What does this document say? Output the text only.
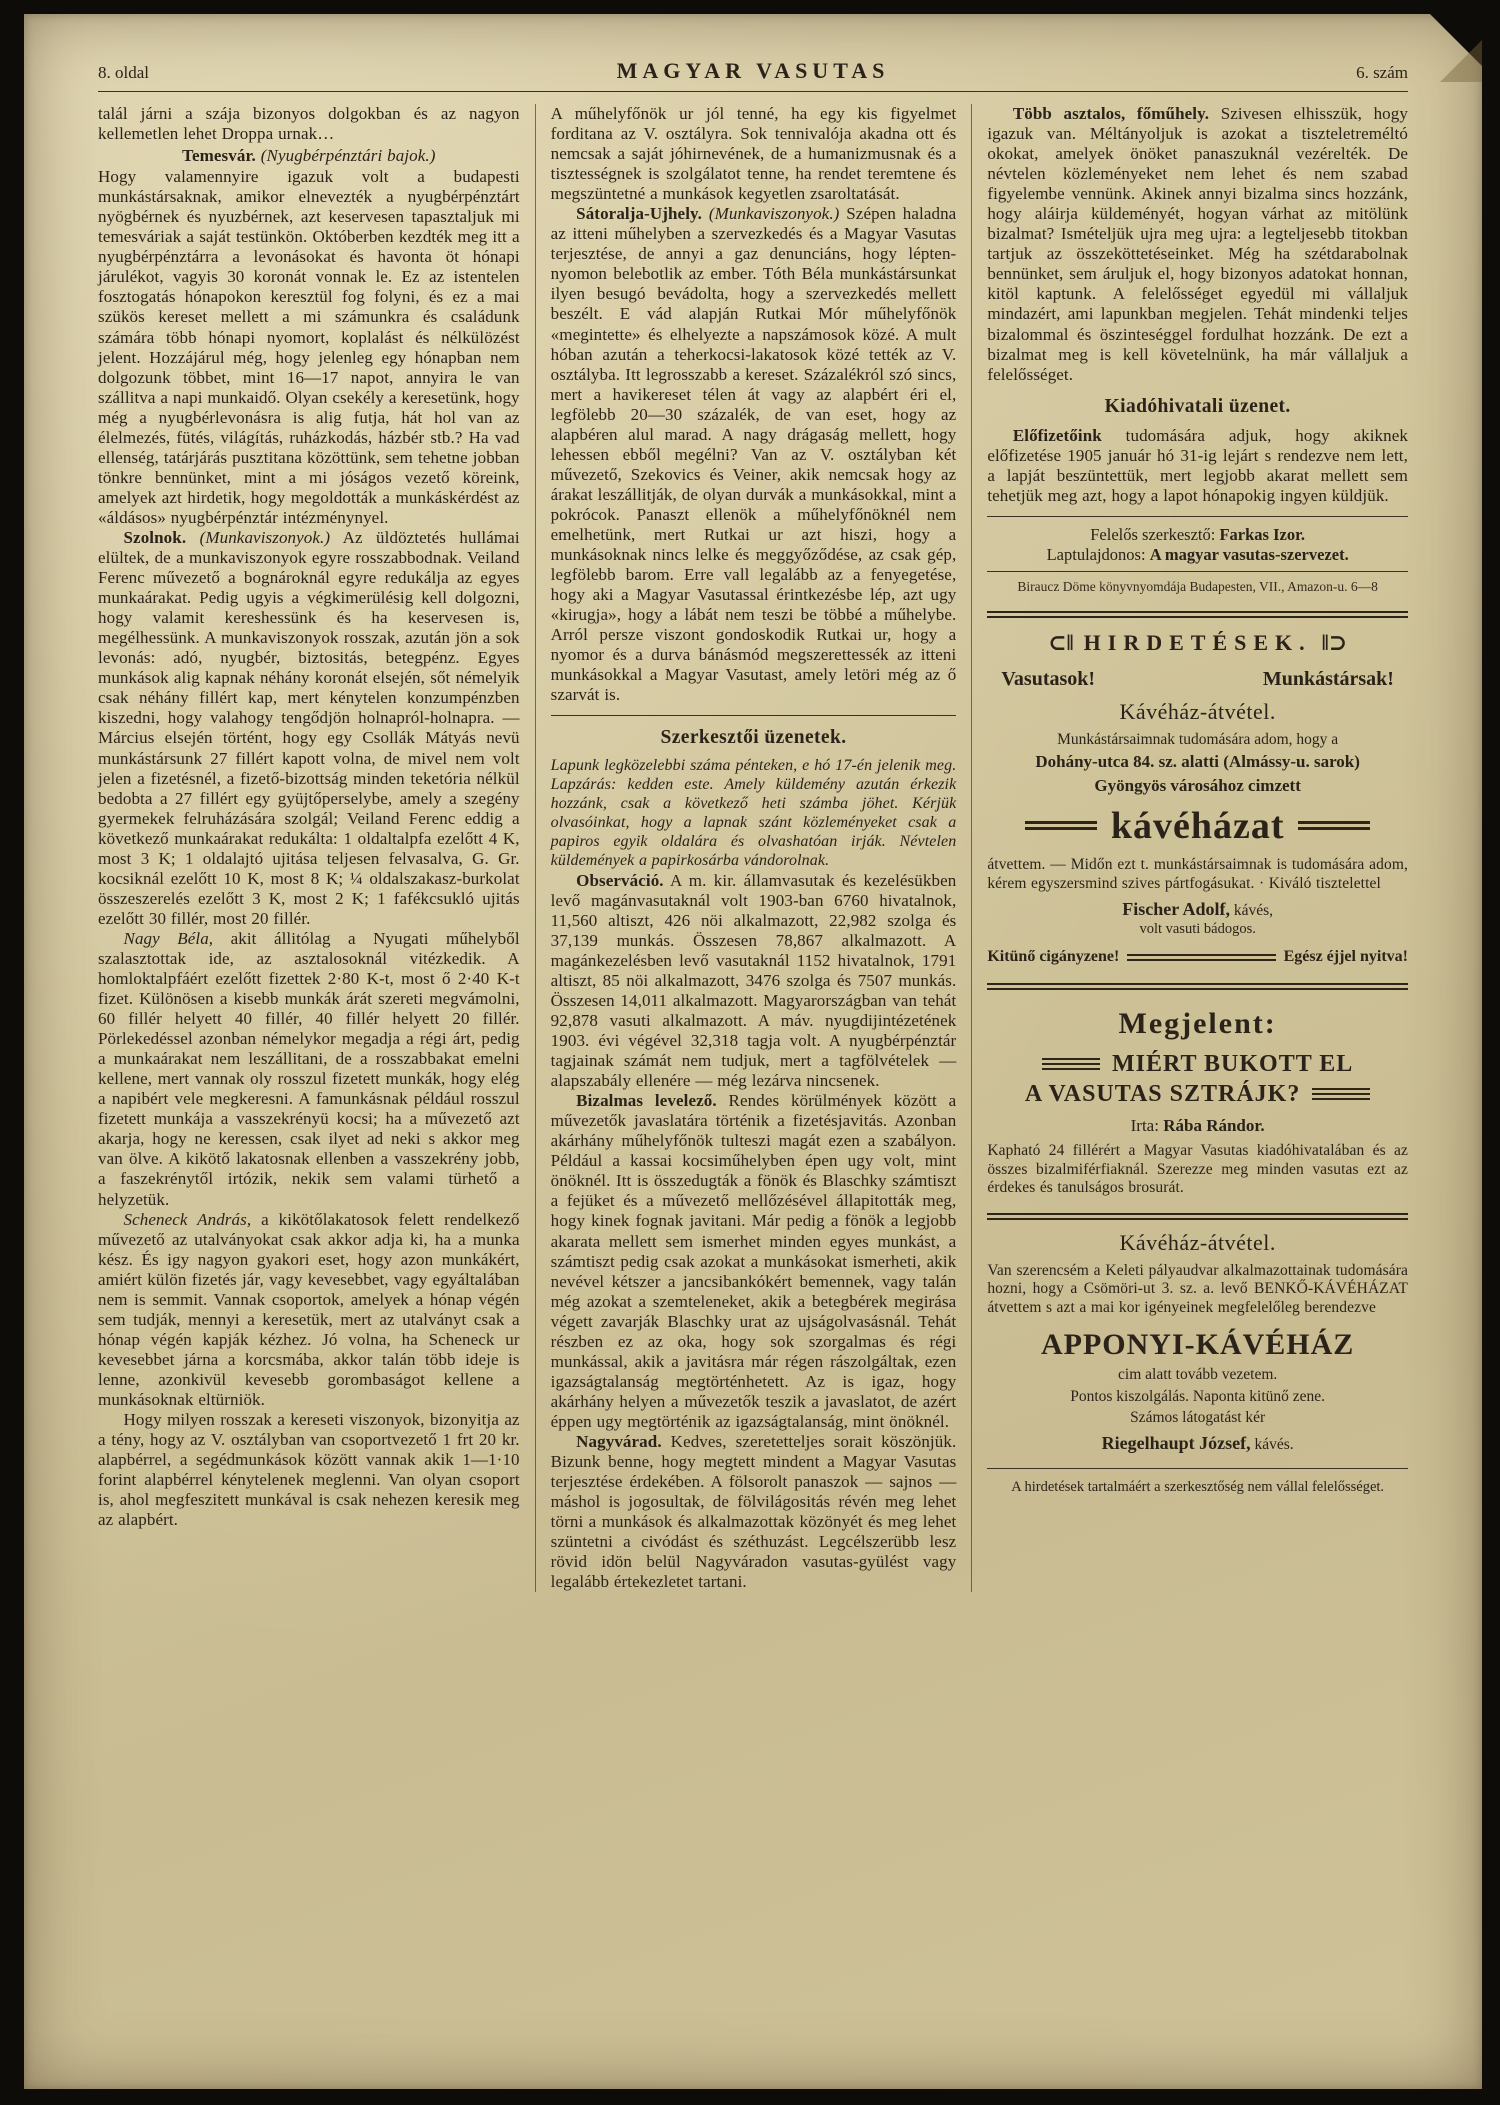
8. oldal	MAGYAR VASUTAS	6. szám

talál járni a szája bizonyos dolgokban és az nagyon kellemetlen lehet Droppa urnak…

Temesvár. (Nyugbérpénztári bajok.)

Hogy valamennyire igazuk volt a budapesti munkástársaknak, amikor elnevezték a nyugbérpénztárt nyögbérnek és nyuzbérnek, azt keservesen tapasztaljuk mi temesváriak a saját testünkön. Októberben kezdték meg itt a nyugbérpénztárra a levonásokat és havonta öt hónapi járulékot, vagyis 30 koronát vonnak le. Ez az istentelen fosztogatás hónapokon keresztül fog folyni, és ez a mai szükös kereset mellett a mi számunkra és családunk számára több hónapi nyomort, koplalást és nélkülözést jelent. Hozzájárul még, hogy jelenleg egy hónapban nem dolgozunk többet, mint 16—17 napot, annyira le van szállitva a napi munkaidő. Olyan csekély a keresetünk, hogy még a nyugbérlevonásra is alig futja, hát hol van az élelmezés, fütés, világítás, ruházkodás, házbér stb.? Ha vad ellenség, tatárjárás pusztitana közöttünk, sem tehetne jobban tönkre bennünket, mint a mi jóságos vezető köreink, amelyek azt hirdetik, hogy megoldották a munkáskérdést az «áldásos» nyugbérpénztár intézménynyel.

Szolnok. (Munkaviszonyok.) Az üldöztetés hullámai elültek, de a munkaviszonyok egyre rosszabbodnak. Veiland Ferenc művezető a bognároknál egyre redukálja az egyes munkaárakat. Pedig ugyis a végkimerülésig kell dolgozni, hogy valamit kereshessünk és ha keservesen is, megélhessünk. A munkaviszonyok rosszak, azután jön a sok levonás: adó, nyugbér, biztositás, betegpénz. Egyes munkások alig kapnak néhány koronát elsején, sőt némelyik csak néhány fillért kap, mert kénytelen konzumpénzben kiszedni, hogy valahogy tengődjön holnapról-holnapra. — Március elsején történt, hogy egy Csollák Mátyás nevü munkástársunk 27 fillért kapott volna, de mivel nem volt jelen a fizetésnél, a fizető-bizottság minden teketória nélkül bedobta a 27 fillért egy gyüjtőperselybe, amely a szegény gyermekek felruházására szolgál; Veiland Ferenc eddig a következő munkaárakat redukálta: 1 oldaltalpfa ezelőtt 4 K, most 3 K; 1 oldalajtó ujitása teljesen felvasalva, G. Gr. kocsiknál ezelőtt 10 K, most 8 K; ¼ oldalszakasz-burkolat összeszerelés ezelőtt 3 K, most 2 K; 1 fafékcsukló ujitás ezelőtt 30 fillér, most 20 fillér.

Nagy Béla, akit állitólag a Nyugati műhelyből szalasztottak ide, az asztalosoknál vitézkedik. A homloktalpfáért ezelőtt fizettek 2·80 K-t, most ő 2·40 K-t fizet. Különösen a kisebb munkák árát szereti megvámolni, 60 fillér helyett 40 fillér, 40 fillér helyett 20 fillér. Pörlekedéssel azonban némelykor megadja a régi árt, pedig a munkaárakat nem leszállitani, de a rosszabbakat emelni kellene, mert vannak oly rosszul fizetett munkák, hogy elég a napibért vele megkeresni. A famunkásnak például rosszul fizetett munkája a vasszekrényü kocsi; ha a művezető azt akarja, hogy ne keressen, csak ilyet ad neki s akkor meg van ölve. A kikötő lakatosnak ellenben a vasszekrény jobb, a faszekrénytől irtózik, nekik sem valami türhető a helyzetük.

Scheneck András, a kikötőlakatosok felett rendelkező művezető az utalványokat csak akkor adja ki, ha a munka kész. És igy nagyon gyakori eset, hogy azon munkákért, amiért külön fizetés jár, vagy kevesebbet, vagy egyáltalában nem is semmit. Vannak csoportok, amelyek a hónap végén sem tudják, mennyi a keresetük, mert az utalványt csak a hónap végén kapják kézhez. Jó volna, ha Scheneck ur kevesebbet járna a korcsmába, akkor talán több ideje is lenne, azonkivül kevesebb gorombaságot kellene a munkásoknak eltürniök.

Hogy milyen rosszak a kereseti viszonyok, bizonyitja az a tény, hogy az V. osztályban van csoportvezető 1 frt 20 kr. alapbérrel, a segédmunkások között vannak akik 1—1·10 forint alapbérrel kénytelenek meglenni. Van olyan csoport is, ahol megfeszitett munkával is csak nehezen keresik meg az alapbért.

A műhelyfőnök ur jól tenné, ha egy kis figyelmet forditana az V. osztályra. Sok tennivalója akadna ott és nemcsak a saját jóhirnevének, de a humanizmusnak és a tisztességnek is szolgálatot tenne, ha rendet teremtene és megszüntetné a munkások kegyetlen zsaroltatását.

Sátoralja-Ujhely. (Munkaviszonyok.) Szépen haladna az itteni műhelyben a szervezkedés és a Magyar Vasutas terjesztése, de annyi a gaz denunciáns, hogy lépten-nyomon belebotlik az ember. Tóth Béla munkástársunkat ilyen besugó bevádolta, hogy a szervezkedés mellett beszélt. E vád alapján Rutkai Mór műhelyfőnök «megintette» és elhelyezte a napszámosok közé. A mult hóban azután a teherkocsi-lakatosok közé tették az V. osztályba. Itt legrosszabb a kereset. Százalékról szó sincs, mert a havikereset télen át vagy az alapbért éri el, legfölebb 20—30 százalék, de van eset, hogy az alapbéren alul marad. A nagy drágaság mellett, hogy lehessen ebből megélni? Van az V. osztályban két művezető, Szekovics és Veiner, akik nemcsak hogy az árakat leszállitják, de olyan durvák a munkásokkal, mint a pokrócok. Panaszt ellenök a műhelyfőnöknél nem emelhetünk, mert Rutkai ur azt hiszi, hogy a munkásoknak nincs lelke és meggyőződése, az csak gép, legfölebb barom. Erre vall legalább az a fenyegetése, hogy aki a Magyar Vasutassal érintkezésbe lép, azt ugy «kirugja», hogy a lábát nem teszi be többé a műhelybe. Arról persze viszont gondoskodik Rutkai ur, hogy a nyomor és a durva bánásmód megszerettessék az itteni munkásokkal a Magyar Vasutast, amely letöri még az ő szarvát is.

Szerkesztői üzenetek.

Lapunk legközelebbi száma pénteken, e hó 17-én jelenik meg. Lapzárás: kedden este. Amely küldemény azután érkezik hozzánk, csak a következő heti számba jöhet. Kérjük olvasóinkat, hogy a lapnak szánt közleményeket csak a papiros egyik oldalára és olvashatóan irják. Névtelen küldemények a papirkosárba vándorolnak.

Observáció. A m. kir. államvasutak és kezelésükben levő magánvasutaknál volt 1903-ban 6760 hivatalnok, 11,560 altiszt, 426 nöi alkalmazott, 22,982 szolga és 37,139 munkás. Összesen 78,867 alkalmazott. A magánkezelésben levő vasutaknál 1152 hivatalnok, 1791 altiszt, 85 nöi alkalmazott, 3476 szolga és 7507 munkás. Összesen 14,011 alkalmazott. Magyarországban van tehát 92,878 vasuti alkalmazott. A máv. nyugdijintézetének 1903. évi végével 32,318 tagja volt. A nyugbérpénztár tagjainak számát nem tudjuk, mert a tagfölvételek — alapszabály ellenére — még lezárva nincsenek.

Bizalmas levelező. Rendes körülmények között a művezetők javaslatára történik a fizetésjavitás. Azonban akárhány műhelyfőnök tulteszi magát ezen a szabályon. Például a kassai kocsiműhelyben épen ugy volt, mint önöknél. Itt is összedugták a fönök és Blaschky számtiszt a fejüket és a művezető mellőzésével állapitották meg, hogy kinek fognak javitani. Már pedig a fönök a legjobb akarata mellett sem ismerhet minden egyes munkást, a számtiszt pedig csak azokat a munkásokat ismerheti, akik nevével kétszer a jancsibankókért bemennek, vagy talán még azokat a szemteleneket, akik a betegbérek megirása végett zavarják Blaschky urat az ujságolvasásnál. Tehát részben ez az oka, hogy sok szorgalmas és régi munkással, akik a javitásra már régen rászolgáltak, ezen igazságtalanság megtörténhetett. Az is igaz, hogy akárhány helyen a művezetők teszik a javaslatot, de azért éppen ugy megtörténik az igazságtalanság, mint önöknél.

Nagyvárad. Kedves, szeretetteljes sorait köszönjük. Bizunk benne, hogy megtett mindent a Magyar Vasutas terjesztése érdekében. A fölsorolt panaszok — sajnos — máshol is jogosultak, de fölvilágositás révén meg lehet törni a munkások és alkalmazottak közönyét és meg lehet szüntetni a civódást és széthuzást. Legcélszerübb lesz rövid idön belül Nagyváradon vasutas-gyülést vagy legalább értekezletet tartani.

Több asztalos, főműhely. Szivesen elhisszük, hogy igazuk van. Méltányoljuk is azokat a tiszteletreméltó okokat, amelyek önöket panaszuknál vezérelték. De névtelen közleményeket nem lehet és nem szabad figyelembe vennünk. Akinek annyi bizalma sincs hozzánk, hogy aláirja küldeményét, hogyan várhat az mitölünk bizalmat? Ismételjük ujra meg ujra: a legteljesebb titokban tartjuk az összeköttetéseinket. Még ha szétdarabolnak bennünket, sem áruljuk el, hogy bizonyos adatokat honnan, kitöl kaptunk. A felelősséget egyedül mi vállaljuk mindazért, ami lapunkban megjelen. Tehát mindenki teljes bizalommal és öszinteséggel fordulhat hozzánk. De ezt a bizalmat meg is kell követelnünk, ha már vállaljuk a felelősséget.

Kiadóhivatali üzenet.

Előfizetőink tudomására adjuk, hogy akiknek előfizetése 1905 január hó 31-ig lejárt s rendezve nem lett, a lapját beszüntettük, mert legjobb akarat mellett sem tehetjük meg azt, hogy a lapot hónapokig ingyen küldjük.

Felelős szerkesztő: Farkas Izor.
Laptulajdonos: A magyar vasutas-szervezet.
Biraucz Döme könyvnyomdája Budapesten, VII., Amazon-u. 6—8
⊂‖ HIRDETÉSEK. ‖⊃
Vasutasok!	Munkástársak!
Kávéház-átvétel.
Munkástársaimnak tudomására adom, hogy a
Dohány-utca 84. sz. alatti (Almássy-u. sarok)
Gyöngyös városához cimzett
kávéházat

átvettem. — Midőn ezt t. munkástársaimnak is tudomására adom, kérem egyszersmind szives pártfogásukat. · Kiváló tisztelettel

Fischer Adolf, kávés,
volt vasuti bádogos.
Kitünő cigányzene!	Egész éjjel nyitva!
Megjelent:
MIÉRT BUKOTT EL
A VASUTAS SZTRÁJK?
Irta: Rába Rándor.

Kapható 24 fillérért a Magyar Vasutas kiadóhivatalában és az összes bizalmiférfiaknál. Szerezze meg minden vasutas ezt az érdekes és tanulságos brosurát.

Kávéház-átvétel.

Van szerencsém a Keleti pályaudvar alkalmazottainak tudomására hozni, hogy a Csömöri-ut 3. sz. a. levő BENKŐ-KÁVÉHÁZAT átvettem s azt a mai kor igényeinek megfelelőleg berendezve

APPONYI-KÁVÉHÁZ
cim alatt tovább vezetem.
Pontos kiszolgálás. Naponta kitünő zene.
Számos látogatást kér
Riegelhaupt József, kávés.
A hirdetések tartalmáért a szerkesztőség nem vállal felelősséget.
